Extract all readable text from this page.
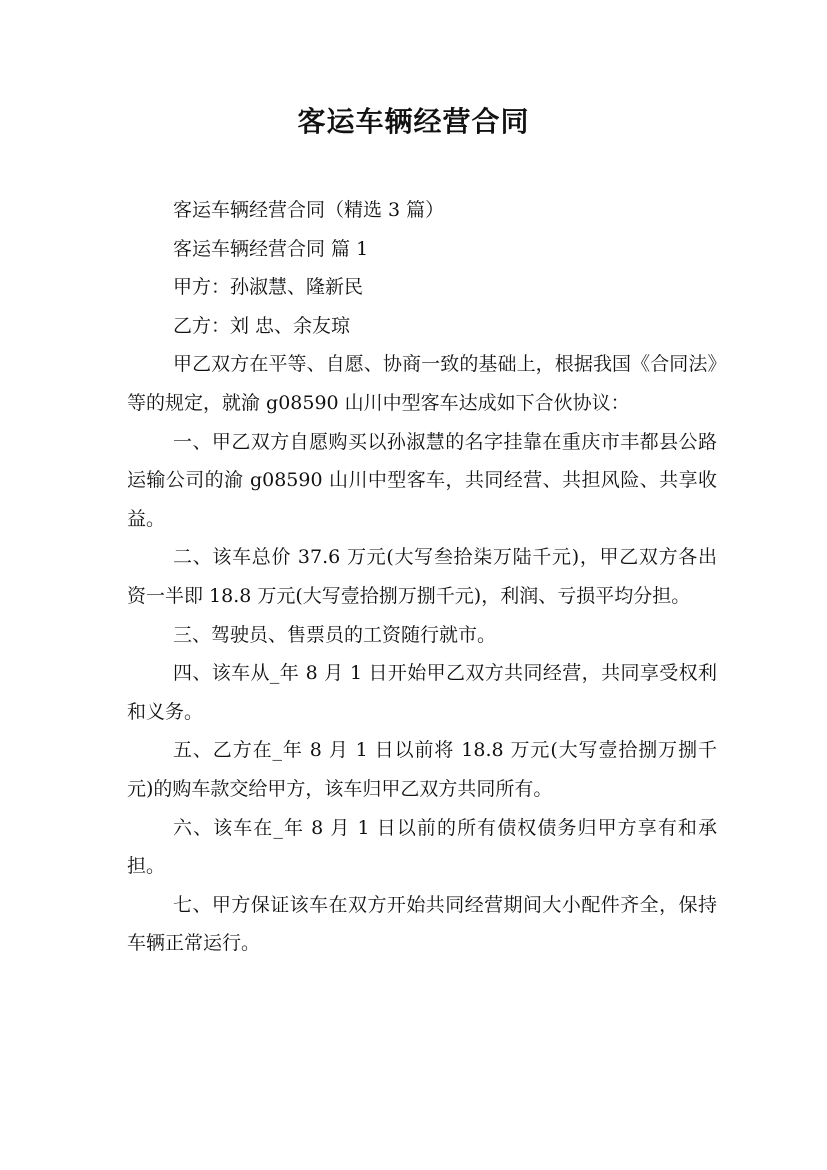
客运车辆经营合同

客运车辆经营合同（精选 3 篇）

客运车辆经营合同 篇 1

甲方：孙淑慧、隆新民

乙方：刘 忠、余友琼

甲乙双方在平等、自愿、协商一致的基础上，根据我国《合同法》等的规定，就渝 g08590 山川中型客车达成如下合伙协议：

一、甲乙双方自愿购买以孙淑慧的名字挂靠在重庆市丰都县公路运输公司的渝 g08590 山川中型客车，共同经营、共担风险、共享收益。

二、该车总价 37.6 万元(大写叁拾柒万陆千元)，甲乙双方各出资一半即 18.8 万元(大写壹拾捌万捌千元)，利润、亏损平均分担。

三、驾驶员、售票员的工资随行就市。

四、该车从_年 8 月 1 日开始甲乙双方共同经营，共同享受权利和义务。

五、乙方在_年 8 月 1 日以前将 18.8 万元(大写壹拾捌万捌千元)的购车款交给甲方，该车归甲乙双方共同所有。

六、该车在_年 8 月 1 日以前的所有债权债务归甲方享有和承担。

七、甲方保证该车在双方开始共同经营期间大小配件齐全，保持车辆正常运行。
